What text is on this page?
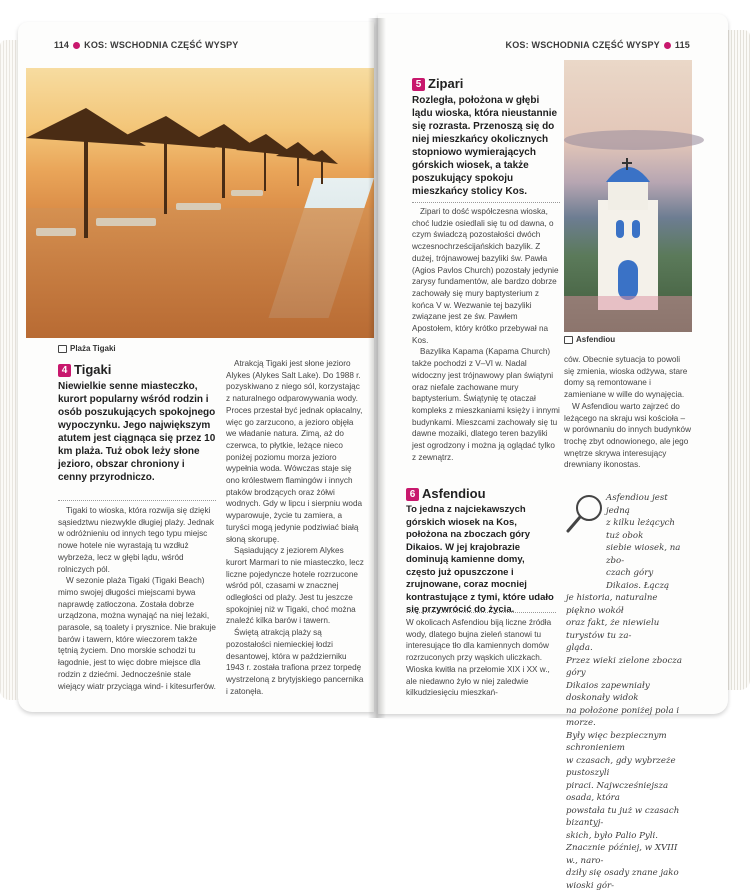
114 KOS: WSCHODNIA CZĘŚĆ WYSPY
Plaża Tigaki
4 Tigaki
Niewielkie senne miasteczko, kurort popularny wśród rodzin i osób poszukujących spokojnego wypoczynku. Jego największym atutem jest ciągnąca się przez 10 km plaża. Tuż obok leży słone jezioro, obszar chroniony i cenny przyrodniczo.

Tigaki to wioska, która rozwija się dzięki sąsiedztwu niezwykle długiej plaży. Jednak w odróżnieniu od innych tego typu miejsc nowe hotele nie wyrastają tu wzdłuż wybrzeża, lecz w głębi lądu, wśród rolniczych pól.

W sezonie plaża Tigaki (Tigaki Beach) mimo swojej długości miejscami bywa naprawdę zatłoczona. Została dobrze urządzona, można wynająć na niej leżaki, parasole, są toalety i prysznice. Nie brakuje barów i tawern, które wieczorem także tętnią życiem. Dno morskie schodzi tu łagodnie, jest to więc dobre miejsce dla rodzin z dziećmi. Jednocześnie stale wiejący wiatr przyciąga wind- i kitesurferów.

Atrakcją Tigaki jest słone jezioro Alykes (Alykes Salt Lake). Do 1988 r. pozyskiwano z niego sól, korzystając z naturalnego odparowywania wody. Proces przestał być jednak opłacalny, więc go zarzucono, a jezioro objęła we władanie natura. Zimą, aż do czerwca, to płytkie, leżące nieco poniżej poziomu morza jezioro wypełnia woda. Wówczas staje się ono królestwem flamingów i innych ptaków brodzących oraz żółwi wodnych. Gdy w lipcu i sierpniu woda wyparowuje, życie tu zamiera, a turyści mogą jedynie podziwiać białą słoną skorupę.

Sąsiadujący z jeziorem Alykes kurort Marmari to nie miasteczko, lecz liczne pojedyncze hotele rozrzucone wśród pól, czasami w znacznej odległości od plaży. Jest tu jeszcze spokojniej niż w Tigaki, choć można znaleźć kilka barów i tawern.

Świętą atrakcją plaży są pozostałości niemieckiej łodzi desantowej, która w październiku 1943 r. została trafiona przez torpedę wystrzeloną z brytyjskiego pancernika i zatonęła.

KOS: WSCHODNIA CZĘŚĆ WYSPY 115
5 Zipari
Rozległa, położona w głębi lądu wioska, która nieustannie się rozrasta. Przenoszą się do niej mieszkańcy okolicznych stopniowo wymierających górskich wiosek, a także poszukujący spokoju mieszkańcy stolicy Kos.

Zipari to dość współczesna wioska, choć ludzie osiedlali się tu od dawna, o czym świadczą pozostałości dwóch wczesnochrześcijańskich bazylik. Z dużej, trójnawowej bazyliki św. Pawła (Agios Pavlos Church) pozostały jedynie zarysy fundamentów, ale bardzo dobrze zachowały się mury baptysterium z końca V w. Wezwanie tej bazyliki związane jest ze św. Pawłem Apostołem, który krótko przebywał na Kos.

Bazylika Kapama (Kapama Church) także pochodzi z V–VI w. Nadal widoczny jest trójnawowy plan świątyni oraz niefale zachowane mury baptysterium. Świątynię tę otaczał kompleks z mieszkaniami księży i innymi budynkami. Mieszcami zachowały się tu dawne mozaiki, dlatego teren bazyliki jest ogrodzony i można ją oglądać tylko z zewnątrz.

Asfendiou

ców. Obecnie sytuacja to powoli się zmienia, wioska odżywa, stare domy są remontowane i zamieniane w wille do wynajęcia.

W Asfendiou warto zajrzeć do leżącego na skraju wsi kościoła – w porównaniu do innych budynków trochę zbyt odnowionego, ale jego wnętrze skrywa interesujący drewniany ikonostas.

6 Asfendiou
To jedna z najciekawszych górskich wiosek na Kos, położona na zboczach góry Dikaios. W jej krajobrazie dominują kamienne domy, często już opuszczone i zrujnowane, coraz mocniej kontrastujące z tymi, które udało się przywrócić do życia.

W okolicach Asfendiou biją liczne źródła wody, dlatego bujna zieleń stanowi tu interesujące tło dla kamiennych domów rozrzuconych przy wąskich uliczkach. Wioska kwitła na przełomie XIX i XX w., ale niedawno żyło w niej zaledwie kilkudziesięciu mieszkań-

Asfendiou jest jedną
z kilku leżących tuż obok
siebie wiosek, na zbo-
czach góry Dikaios. Łączą
je historia, naturalne piękno wokół
oraz fakt, że niewielu turystów tu za-
gląda.
Przez wieki zielone zbocza góry
Dikaios zapewniały doskonały widok
na położone poniżej pola i morze.
Były więc bezpiecznym schronieniem
w czasach, gdy wybrzeże pustoszyli
piraci. Najwcześniejsza osada, która
powstała tu już w czasach bizantyj-
skich, było Palio Pyli.
Znacznie później, w XVIII w., naro-
dziły się osady znane jako wioski gór-
